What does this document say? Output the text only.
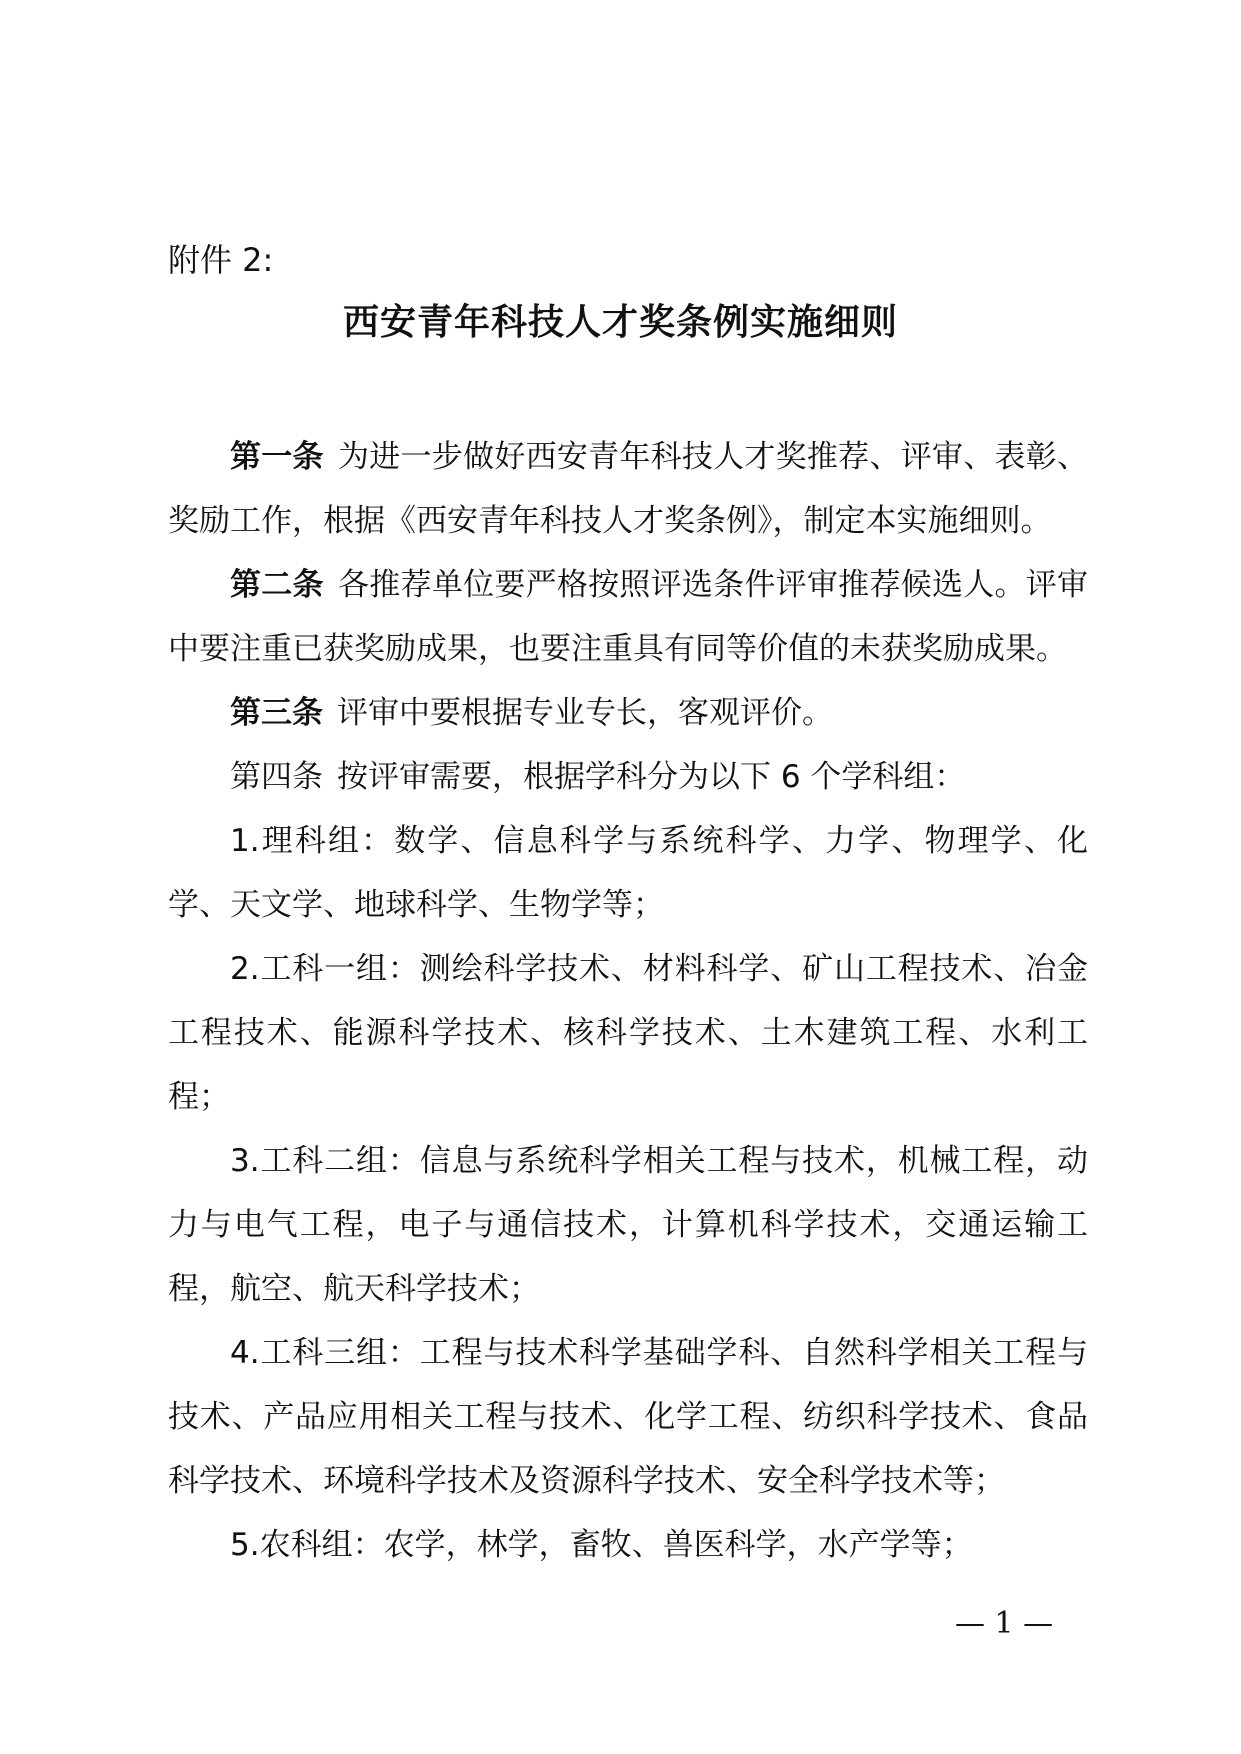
附件 2:
西安青年科技人才奖条例实施细则

第一条 为进一步做好西安青年科技人才奖推荐、评审、表彰、奖励工作，根据《西安青年科技人才奖条例》，制定本实施细则。

第二条 各推荐单位要严格按照评选条件评审推荐候选人。评审中要注重已获奖励成果，也要注重具有同等价值的未获奖励成果。

第三条 评审中要根据专业专长，客观评价。

第四条 按评审需要，根据学科分为以下 6 个学科组：

1.理科组：数学、信息科学与系统科学、力学、物理学、化学、天文学、地球科学、生物学等；

2.工科一组：测绘科学技术、材料科学、矿山工程技术、冶金工程技术、能源科学技术、核科学技术、土木建筑工程、水利工程；

3.工科二组：信息与系统科学相关工程与技术，机械工程，动力与电气工程，电子与通信技术，计算机科学技术，交通运输工程，航空、航天科学技术；

4.工科三组：工程与技术科学基础学科、自然科学相关工程与技术、产品应用相关工程与技术、化学工程、纺织科学技术、食品科学技术、环境科学技术及资源科学技术、安全科学技术等；

5.农科组：农学，林学，畜牧、兽医科学，水产学等；

— 1 —
